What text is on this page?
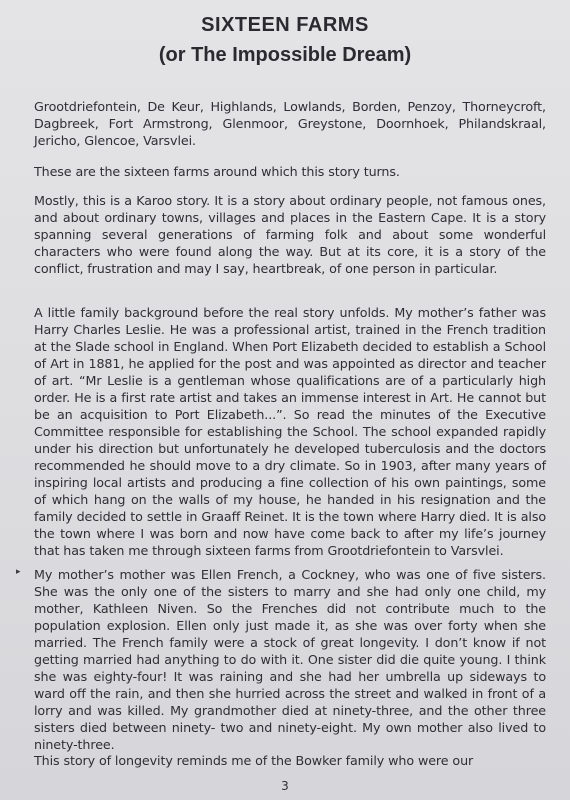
SIXTEEN FARMS
(or The Impossible Dream)

Grootdriefontein, De Keur, Highlands, Lowlands, Borden, Penzoy, Thorneycroft, Dagbreek, Fort Armstrong, Glenmoor, Greystone, Doornhoek, Philandskraal, Jericho, Glencoe, Varsvlei.

These are the sixteen farms around which this story turns.

Mostly, this is a Karoo story. It is a story about ordinary people, not famous ones, and about ordinary towns, villages and places in the Eastern Cape. It is a story spanning several generations of farming folk and about some wonderful characters who were found along the way. But at its core, it is a story of the conflict, frustration and may I say, heartbreak, of one person in particular.

A little family background before the real story unfolds. My mother’s father was Harry Charles Leslie. He was a professional artist, trained in the French tradition at the Slade school in England. When Port Elizabeth decided to establish a School of Art in 1881, he applied for the post and was appointed as director and teacher of art. “Mr Leslie is a gentleman whose qualifications are of a particularly high order. He is a first rate artist and takes an immense interest in Art. He cannot but be an acquisition to Port Elizabeth...”. So read the minutes of the Executive Committee responsible for establishing the School. The school expanded rapidly under his direction but unfortunately he developed tuberculosis and the doctors recommended he should move to a dry climate. So in 1903, after many years of inspiring local artists and producing a fine collection of his own paintings, some of which hang on the walls of my house, he handed in his resignation and the family decided to settle in Graaff Reinet. It is the town where Harry died. It is also the town where I was born and now have come back to after my life’s journey that has taken me through sixteen farms from Grootdriefontein to Varsvlei.

▸ My mother’s mother was Ellen French, a Cockney, who was one of five sisters. She was the only one of the sisters to marry and she had only one child, my mother, Kathleen Niven. So the Frenches did not contribute much to the population explosion. Ellen only just made it, as she was over forty when she married. The French family were a stock of great longevity. I don’t know if not getting married had anything to do with it. One sister did die quite young. I think she was eighty-four! It was raining and she had her umbrella up sideways to ward off the rain, and then she hurried across the street and walked in front of a lorry and was killed. My grandmother died at ninety-three, and the other three sisters died between ninety- two and ninety-eight. My own mother also lived to ninety-three.

This story of longevity reminds me of the Bowker family who were our

3
